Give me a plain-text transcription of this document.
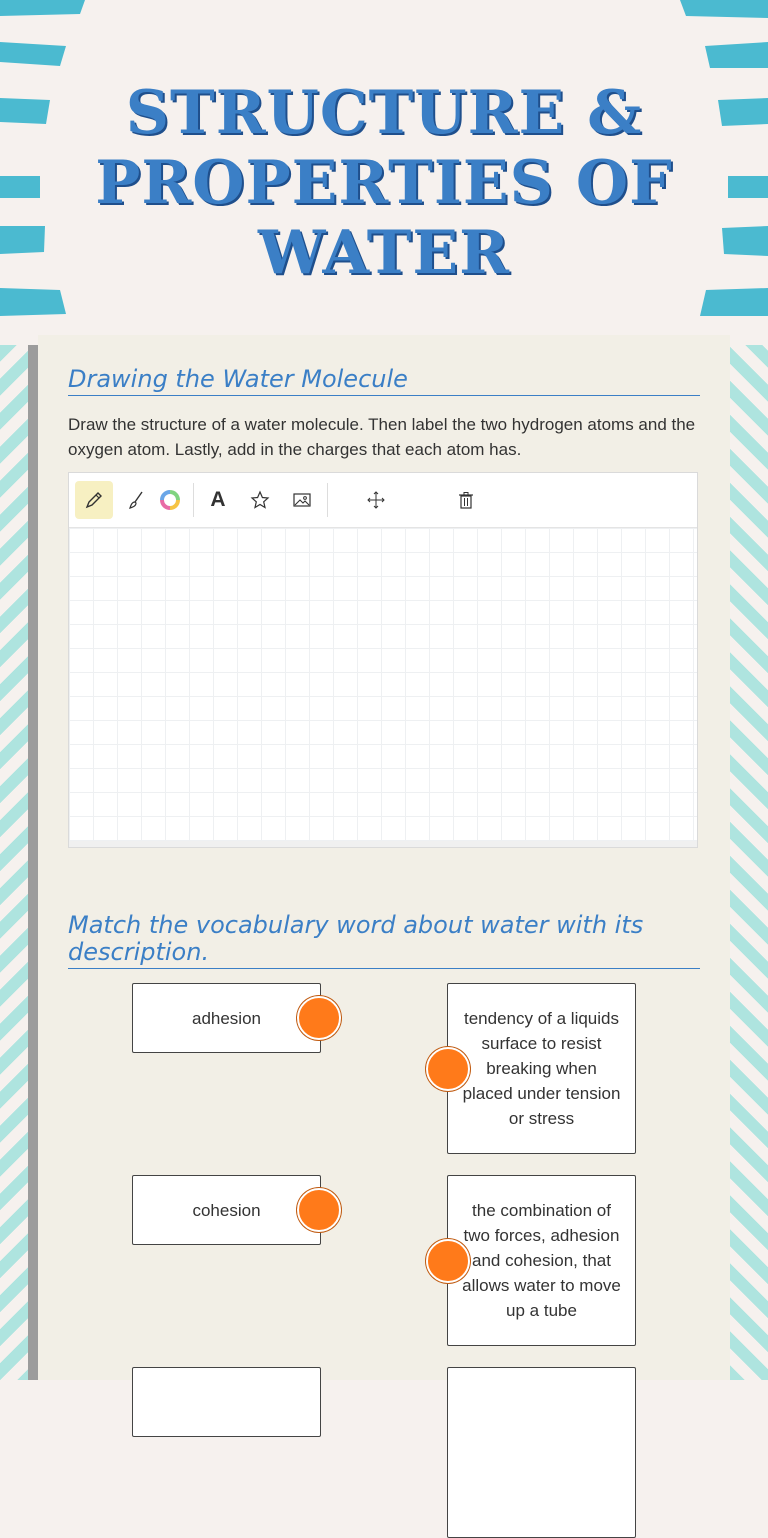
STRUCTURE & PROPERTIES OF WATER
Drawing the Water Molecule
Draw the structure of a water molecule. Then label the two hydrogen atoms and the oxygen atom. Lastly, add in the charges that each atom has.
A
Match the vocabulary word about water with its description.
adhesion
cohesion
tendency of a liquids surface to resist breaking when placed under tension or stress
the combination of two forces, adhesion and cohesion, that allows water to move up a tube
